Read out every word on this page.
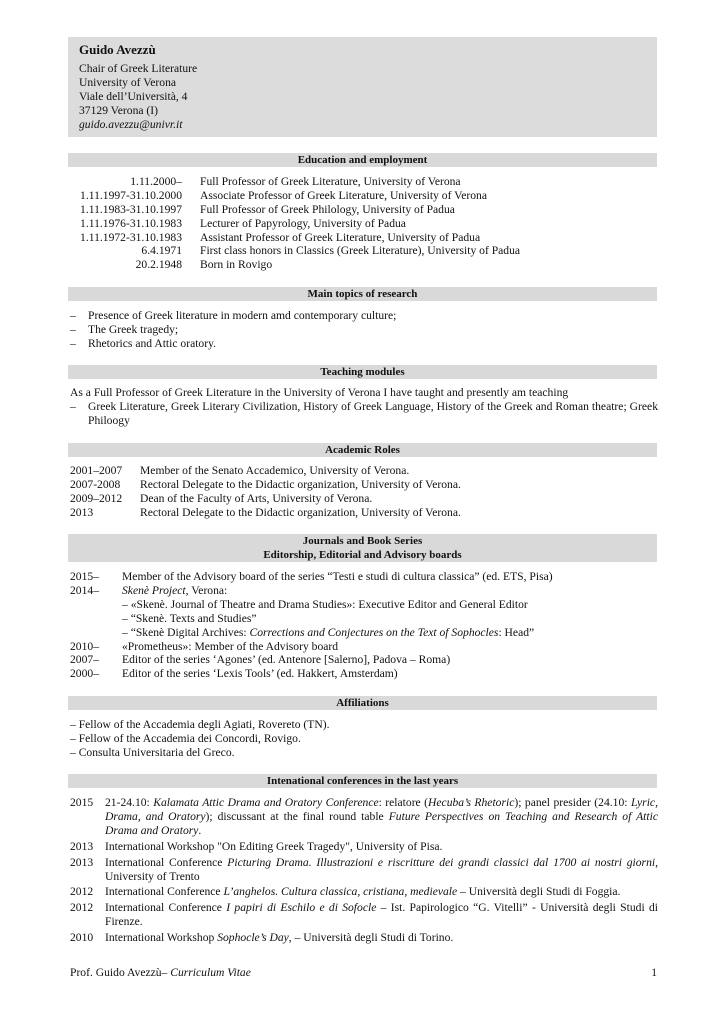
Guido Avezzù
Chair of Greek Literature
University of Verona
Viale dell’Università, 4
37129 Verona (I)
guido.avezzu@univr.it
Education and employment
1.11.2000– Full Professor of Greek Literature, University of Verona
1.11.1997-31.10.2000 Associate Professor of Greek Literature, University of Verona
1.11.1983-31.10.1997 Full Professor of Greek Philology, University of Padua
1.11.1976-31.10.1983 Lecturer of Papyrology, University of Padua
1.11.1972-31.10.1983 Assistant Professor of Greek Literature, University of Padua
6.4.1971 First class honors in Classics (Greek Literature), University of Padua
20.2.1948 Born in Rovigo
Main topics of research
–	Presence of Greek literature in modern amd contemporary culture;
–	The Greek tragedy;
–	Rhetorics and Attic oratory.
Teaching modules
As a Full Professor of Greek Literature in the University of Verona I have taught and presently am teaching
–	Greek Literature, Greek Literary Civilization, History of Greek Language, History of the Greek and Roman theatre; Greek Philoogy
Academic Roles
2001–2007	Member of the Senato Accademico, University of Verona.
2007-2008	Rectoral Delegate to the Didactic organization, University of Verona.
2009–2012	Dean of the Faculty of Arts, University of Verona.
2013	Rectoral Delegate to the Didactic organization, University of Verona.
Journals and Book Series
Editorship, Editorial and Advisory boards
2015–	Member of the Advisory board of the series “Testi e studi di cultura classica” (ed. ETS, Pisa)
2014–	Skenè Project, Verona:
– «Skenè. Journal of Theatre and Drama Studies»: Executive Editor and General Editor
– “Skenè. Texts and Studies”
– “Skenè Digital Archives: Corrections and Conjectures on the Text of Sophocles: Head”
2010–	«Prometheus»: Member of the Advisory board
2007–	Editor of the series ‘Agones’ (ed. Antenore [Salerno], Padova – Roma)
2000–	Editor of the series ‘Lexis Tools’ (ed. Hakkert, Amsterdam)
Affiliations
– Fellow of the Accademia degli Agiati, Rovereto (TN).
– Fellow of the Accademia dei Concordi, Rovigo.
– Consulta Universitaria del Greco.
Intenational conferences in the last years
2015	21-24.10: Kalamata Attic Drama and Oratory Conference: relatore (Hecuba’s Rhetoric); panel presider (24.10: Lyric, Drama, and Oratory); discussant at the final round table Future Perspectives on Teaching and Research of Attic Drama and Oratory.
2013	International Workshop "On Editing Greek Tragedy", University of Pisa.
2013	International Conference Picturing Drama. Illustrazioni e riscritture dei grandi classici dal 1700 ai nostri giorni, University of Trento
2012	International Conference L’anghelos. Cultura classica, cristiana, medievale – Università degli Studi di Foggia.
2012	International Conference I papiri di Eschilo e di Sofocle – Ist. Papirologico “G. Vitelli” - Università degli Studi di Firenze.
2010	International Workshop Sophocle’s Day, – Università degli Studi di Torino.
Prof. Guido Avezzù– Curriculum Vitae	1
